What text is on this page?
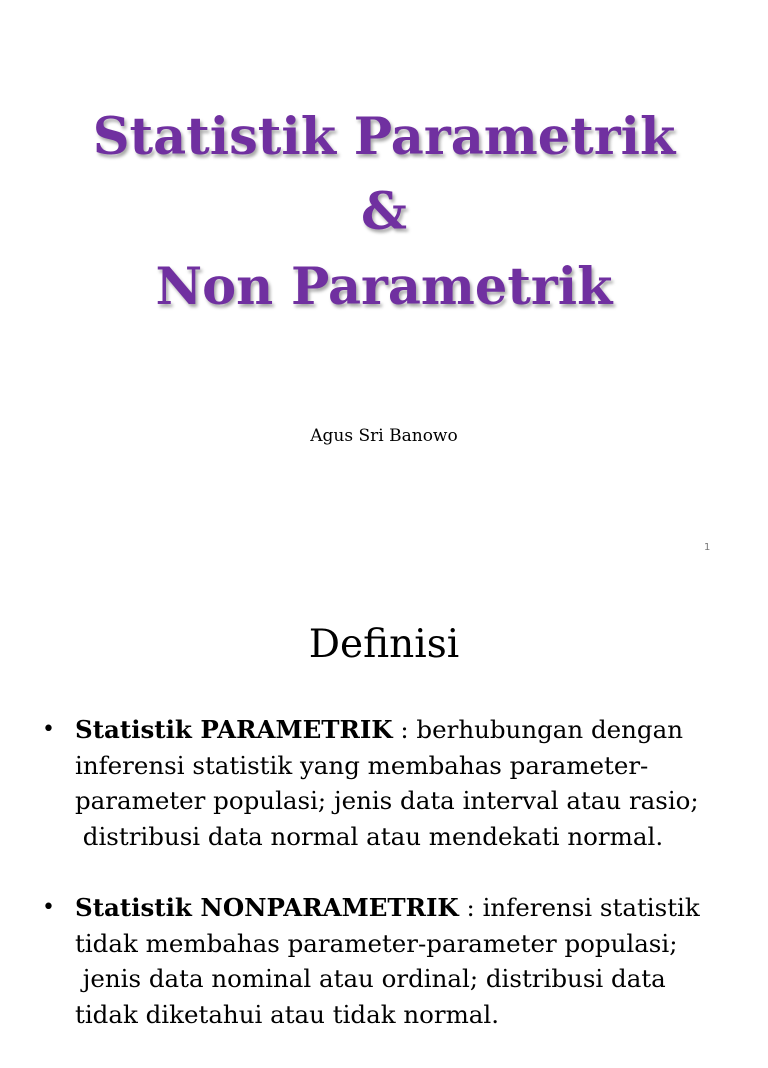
Statistik Parametrik
&
Non Parametrik
Agus Sri Banowo
1
Definisi
• Statistik PARAMETRIK : berhubungan dengan
inferensi statistik yang membahas parameter-
parameter populasi; jenis data interval atau rasio;
distribusi data normal atau mendekati normal.
• Statistik NONPARAMETRIK : inferensi statistik
tidak membahas parameter-parameter populasi;
jenis data nominal atau ordinal; distribusi data
tidak diketahui atau tidak normal.
